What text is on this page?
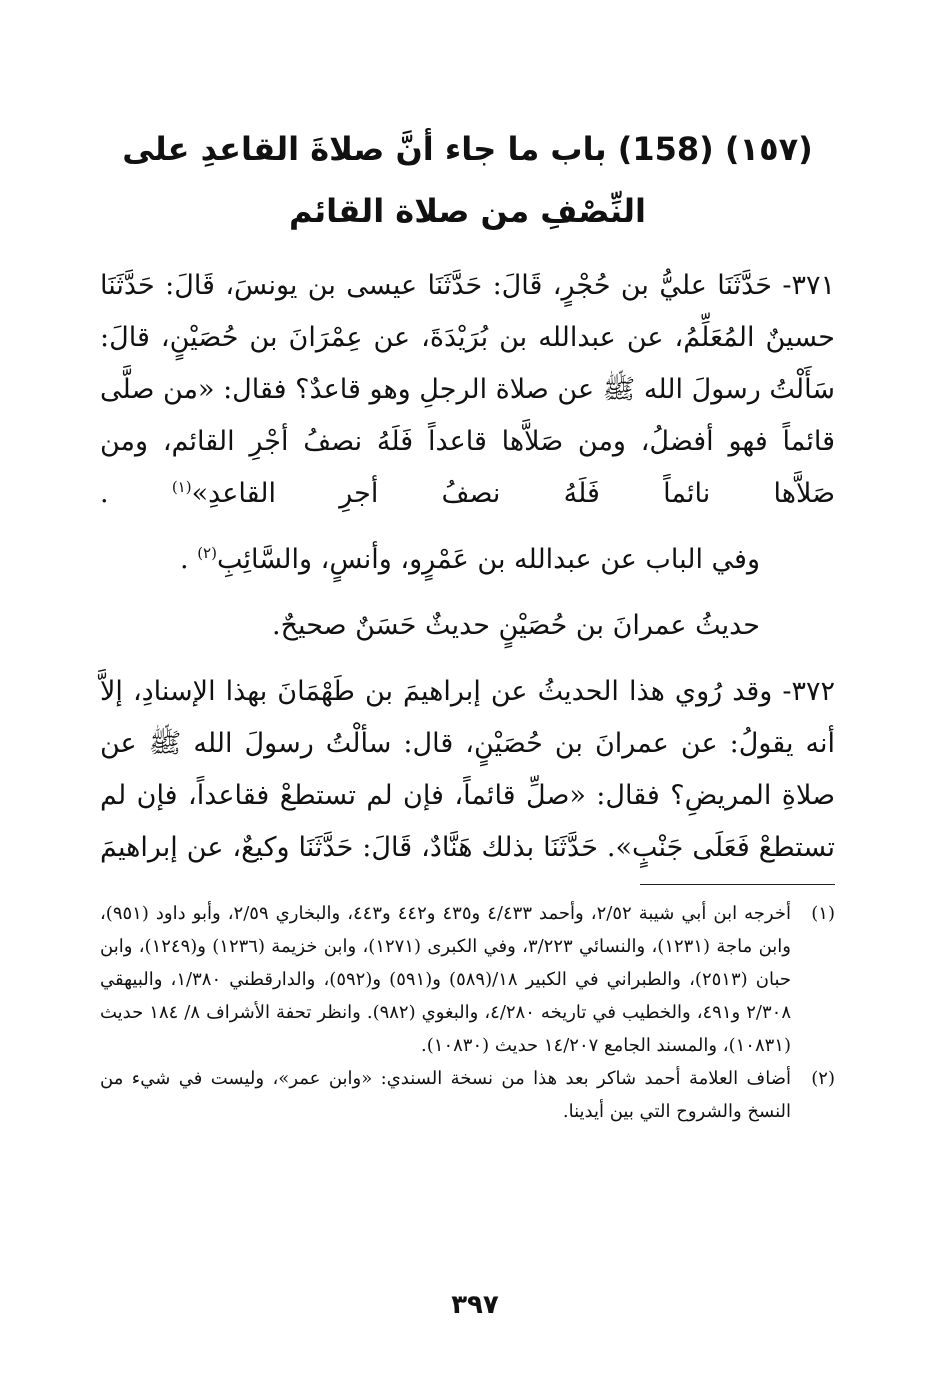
(١٥٧) (158) باب ما جاء أنَّ صلاةَ القاعدِ على النِّصْفِ من صلاة القائم

٣٧١- حَدَّثَنَا عليُّ بن حُجْرٍ، قَالَ: حَدَّثَنَا عيسى بن يونسَ، قَالَ: حَدَّثَنَا حسينٌ المُعَلِّمُ، عن عبدالله بن بُرَيْدَةَ، عن عِمْرَانَ بن حُصَيْنٍ، قالَ: سَأَلْتُ رسولَ الله ﷺ عن صلاة الرجلِ وهو قاعدٌ؟ فقال: «من صلَّى قائماً فهو أفضلُ، ومن صَلاَّها قاعداً فَلَهُ نصفُ أجْرِ القائم، ومن صَلاَّها نائماً فَلَهُ نصفُ أجرِ القاعدِ»$^{(١)}$ .

وفي الباب عن عبدالله بن عَمْرٍو، وأنسٍ، والسَّائِبِ$^{(٢)}$ .

حديثُ عمرانَ بن حُصَيْنٍ حديثٌ حَسَنٌ صحيحٌ.

٣٧٢- وقد رُوي هذا الحديثُ عن إبراهيمَ بن طَهْمَانَ بهذا الإسنادِ، إلاَّ أنه يقولُ: عن عمرانَ بن حُصَيْنٍ، قال: سألْتُ رسولَ الله ﷺ عن صلاةِ المريضِ؟ فقال: «صلِّ قائماً، فإن لم تستطعْ فقاعداً، فإن لم تستطعْ فَعَلَى جَنْبٍ». حَدَّثَنَا بذلك هَنَّادٌ، قَالَ: حَدَّثَنَا وكيعٌ، عن إبراهيمَ

(١)
أخرجه ابن أبي شيبة ٢/٥٢، وأحمد ٤/٤٣٣ و٤٣٥ و٤٤٢ و٤٤٣، والبخاري ٢/٥٩، وأبو داود (٩٥١)، وابن ماجة (١٢٣١)، والنسائي ٣/٢٢٣، وفي الكبرى (١٢٧١)، وابن خزيمة (١٢٣٦) و(١٢٤٩)، وابن حبان (٢٥١٣)، والطبراني في الكبير ١٨/(٥٨٩) و(٥٩١) و(٥٩٢)، والدارقطني ١/٣٨٠، والبيهقي ٢/٣٠٨ و٤٩١، والخطيب في تاريخه ٤/٢٨٠، والبغوي (٩٨٢). وانظر تحفة الأشراف ٨/ ١٨٤ حديث (١٠٨٣١)، والمسند الجامع ١٤/٢٠٧ حديث (١٠٨٣٠).
(٢)
أضاف العلامة أحمد شاكر بعد هذا من نسخة السندي: «وابن عمر»، وليست في شيء من النسخ والشروح التي بين أيدينا.
٣٩٧
